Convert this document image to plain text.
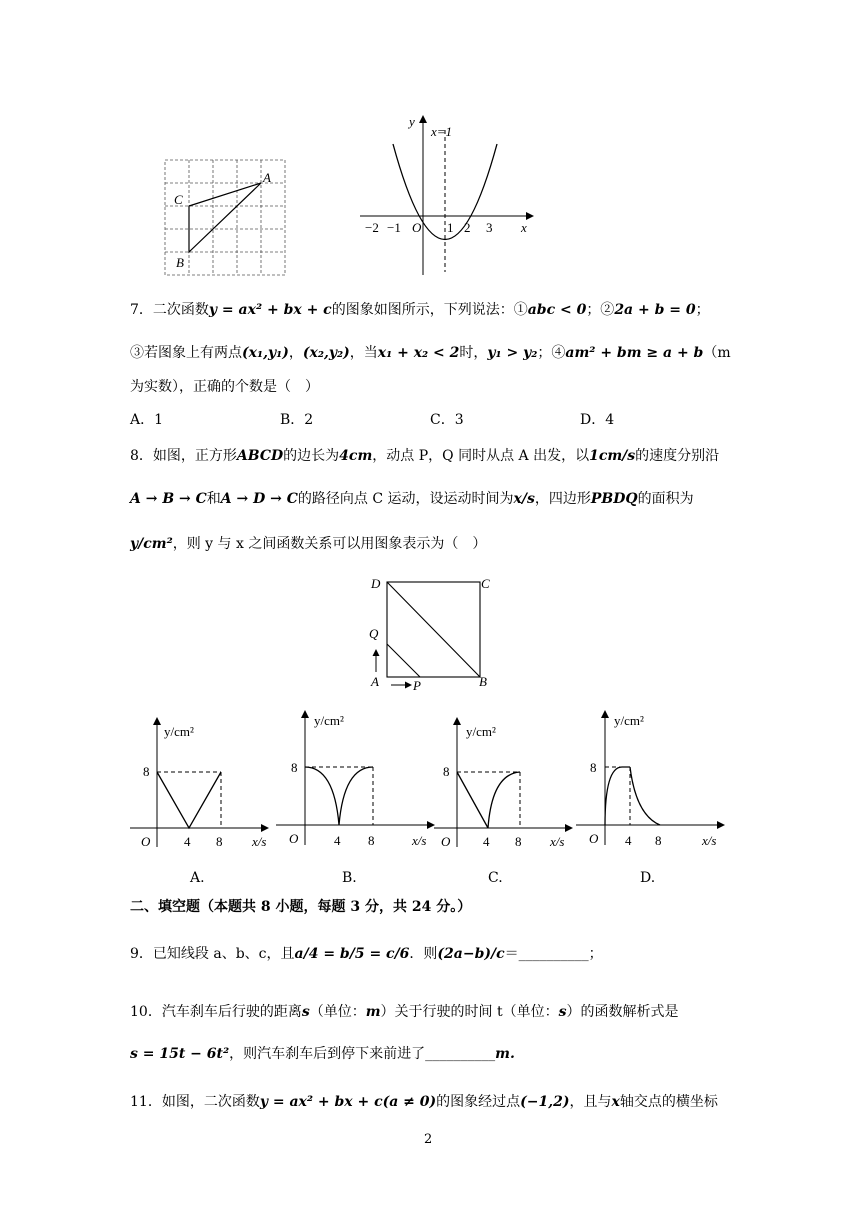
A
B
C
y
x
x=1
−2 −1 O 1 2 3
7．二次函数y = ax² + bx + c的图象如图所示，下列说法：①abc < 0；②2a + b = 0；
③若图象上有两点(x₁,y₁)，(x₂,y₂)，当x₁ + x₂ < 2时，y₁ > y₂；④am² + bm ≥ a + b（m
为实数），正确的个数是（　）
A．1	B．2	C．3	D．4
8．如图，正方形ABCD的边长为4cm，动点 P，Q 同时从点 A 出发，以1cm/s的速度分别沿
A → B → C和A → D → C的路径向点 C 运动，设运动时间为x/s，四边形PBDQ的面积为
y/cm²，则 y 与 x 之间函数关系可以用图象表示为（　）
D	C
Q
A	P	B
y/cm²
8
O	4 8 x/s
y/cm²
8
O	4 8	x/s
y/cm²
8
O	4 8 x/s
y/cm²
8
O 4 8	x/s
A.	B.	C.	D.
二、填空题（本题共 8 小题，每题 3 分，共 24 分。）
9．已知线段 a、b、c，且a/4 = b/5 = c/6．则(2a−b)/c＝__________；
10．汽车刹车后行驶的距离s（单位：m）关于行驶的时间 t（单位：s）的函数解析式是
s = 15t − 6t²，则汽车刹车后到停下来前进了__________m.
11．如图，二次函数y = ax² + bx + c(a ≠ 0)的图象经过点(−1,2)，且与x轴交点的横坐标
2
